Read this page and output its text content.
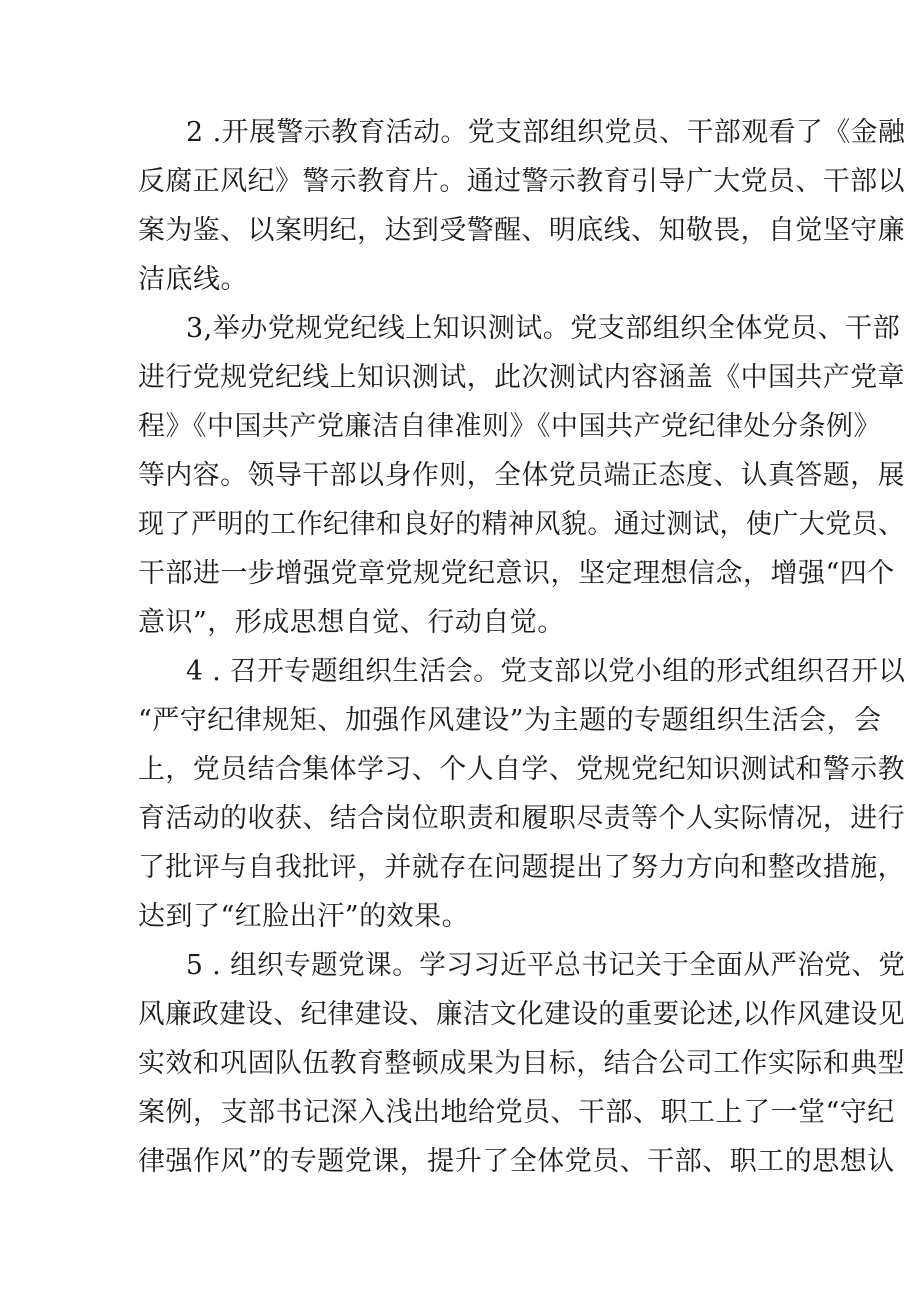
2 .开展警示教育活动。党支部组织党员、干部观看了《金融
反腐正风纪》警示教育片。通过警示教育引导广大党员、干部以
案为鉴、以案明纪，达到受警醒、明底线、知敬畏，自觉坚守廉
洁底线。
3,举办党规党纪线上知识测试。党支部组织全体党员、干部
进行党规党纪线上知识测试，此次测试内容涵盖《中国共产党章
程》《中国共产党廉洁自律准则》《中国共产党纪律处分条例》
等内容。领导干部以身作则，全体党员端正态度、认真答题，展
现了严明的工作纪律和良好的精神风貌。通过测试，使广大党员、
干部进一步增强党章党规党纪意识，坚定理想信念，增强“四个
意识”，形成思想自觉、行动自觉。
4 . 召开专题组织生活会。党支部以党小组的形式组织召开以
“严守纪律规矩、加强作风建设”为主题的专题组织生活会，会
上，党员结合集体学习、个人自学、党规党纪知识测试和警示教
育活动的收获、结合岗位职责和履职尽责等个人实际情况，进行
了批评与自我批评，并就存在问题提出了努力方向和整改措施，
达到了“红脸出汗”的效果。
5 . 组织专题党课。学习习近平总书记关于全面从严治党、党
风廉政建设、纪律建设、廉洁文化建设的重要论述,以作风建设见
实效和巩固队伍教育整顿成果为目标，结合公司工作实际和典型
案例，支部书记深入浅出地给党员、干部、职工上了一堂“守纪
律强作风”的专题党课，提升了全体党员、干部、职工的思想认
